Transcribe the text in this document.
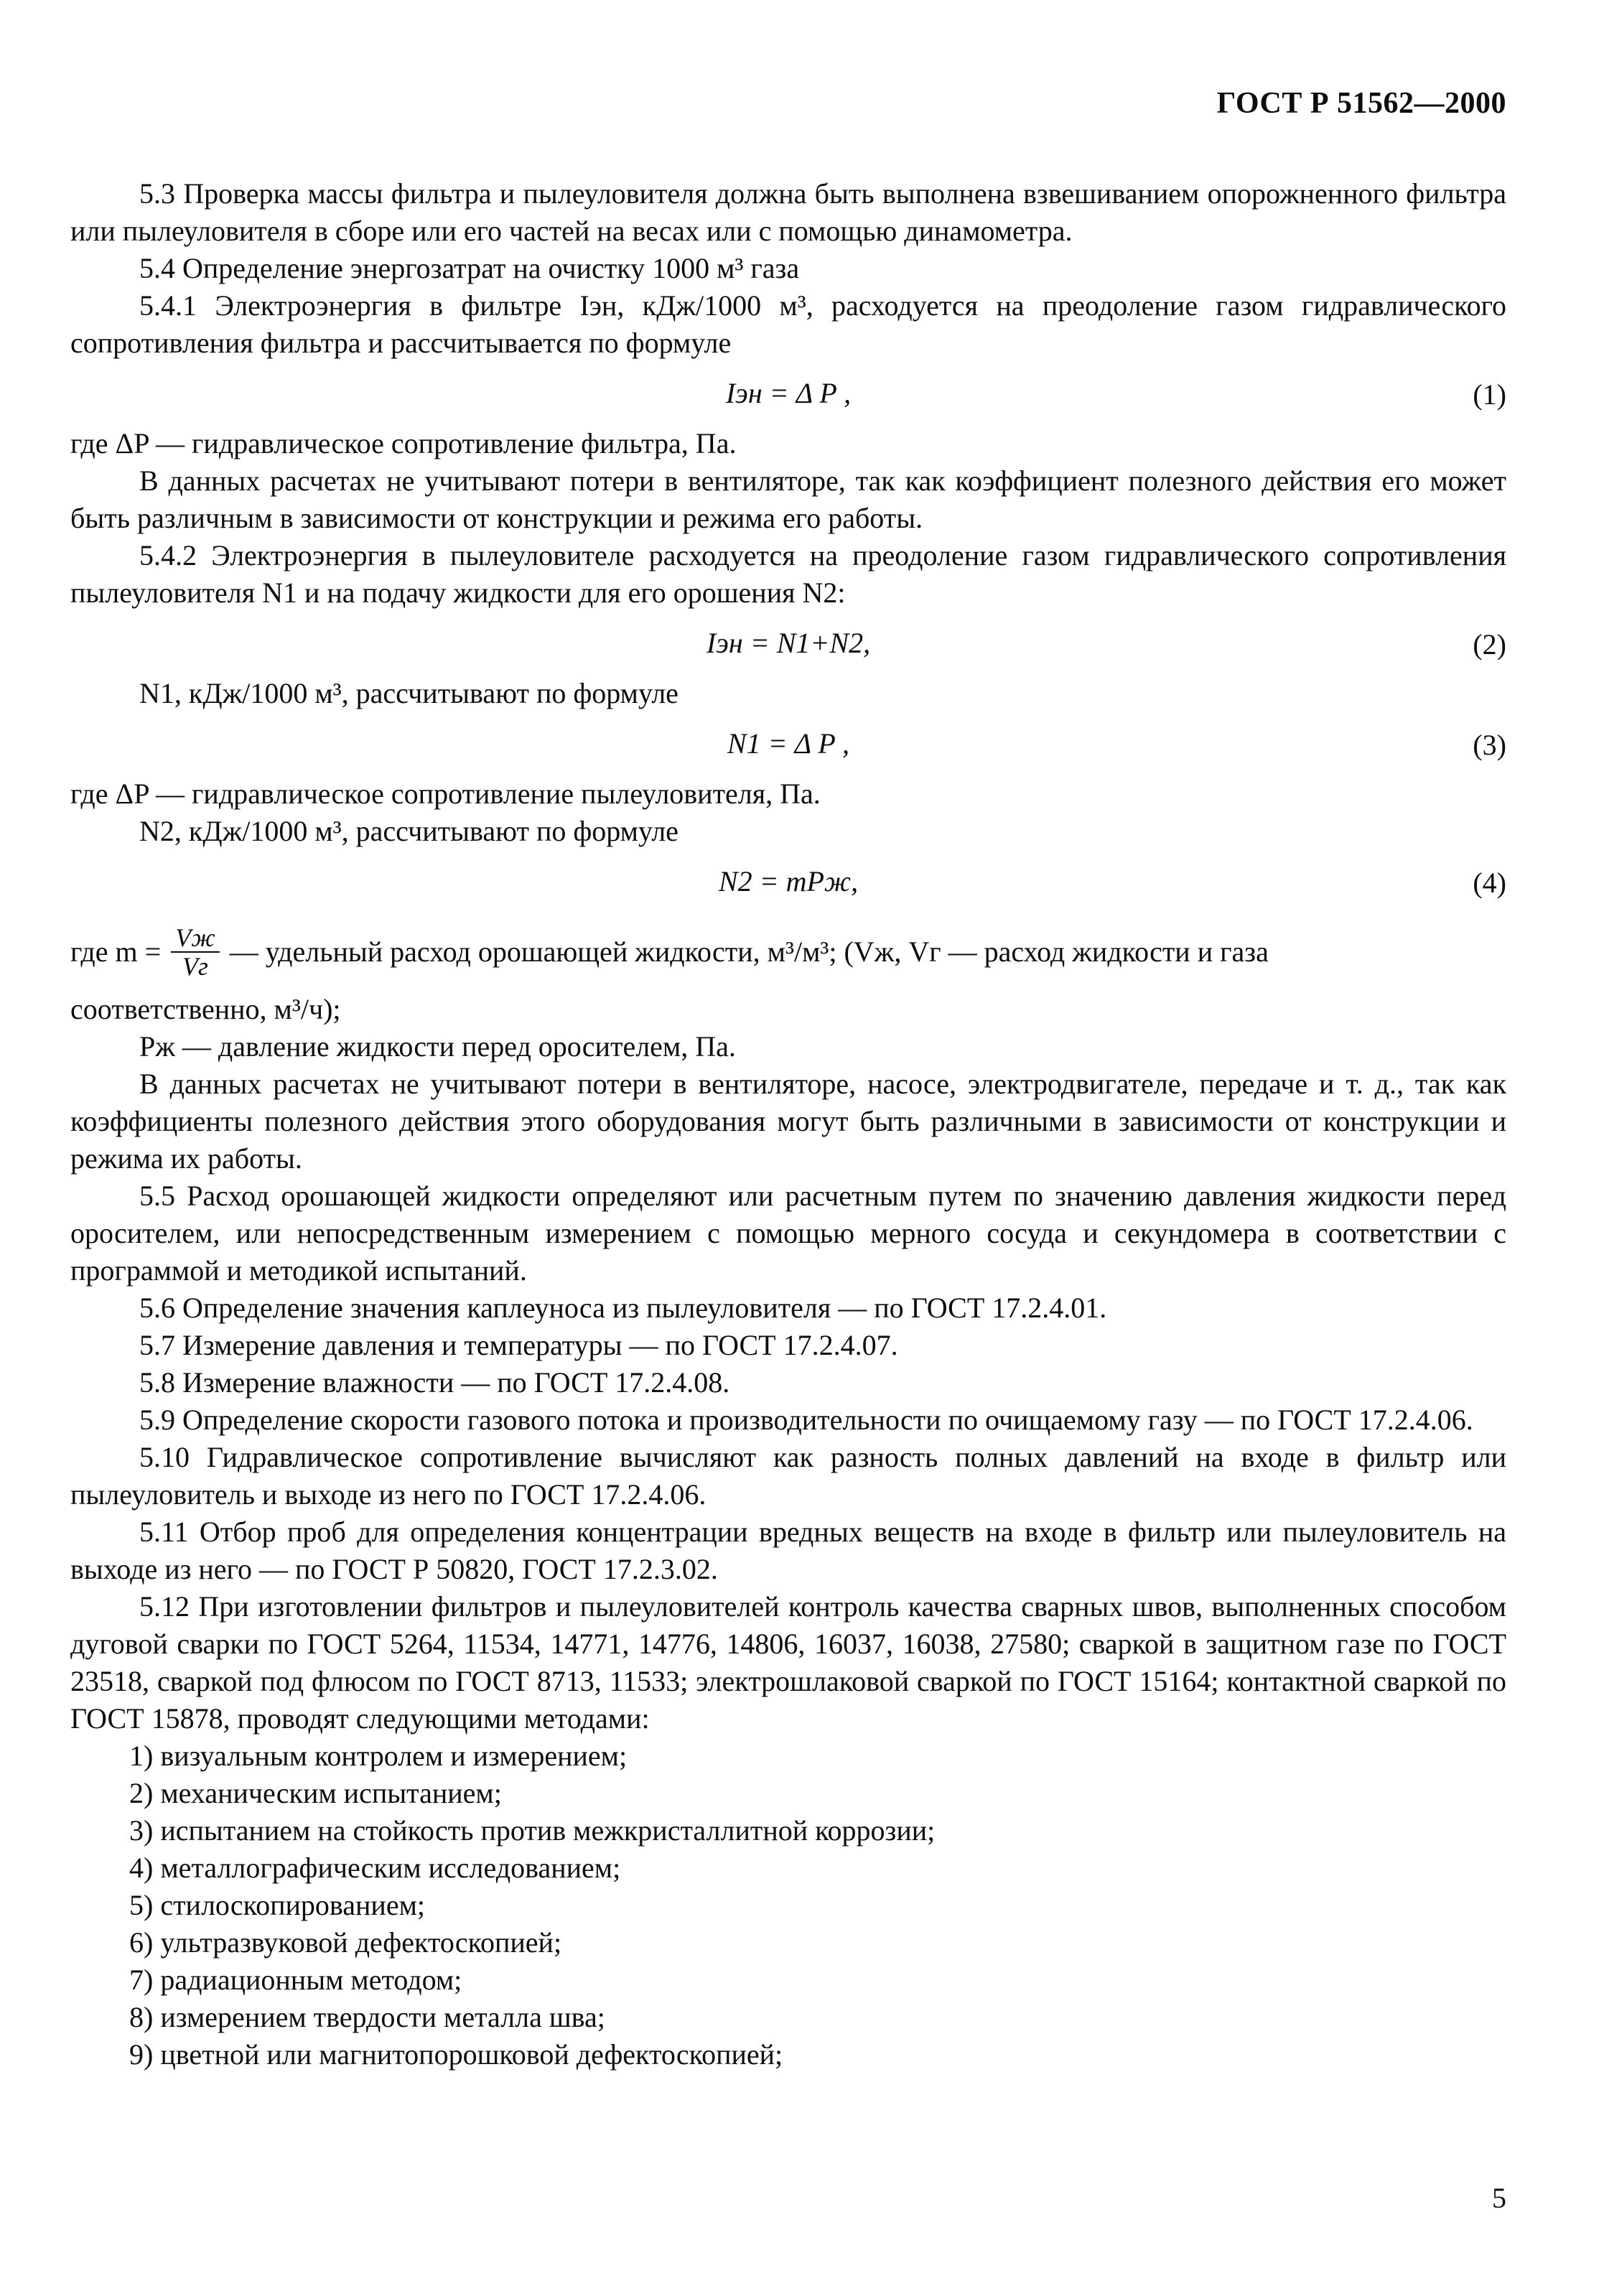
ГОСТ Р 51562—2000

5.3 Проверка массы фильтра и пылеуловителя должна быть выполнена взвешиванием опорожненного фильтра или пылеуловителя в сборе или его частей на весах или с помощью динамометра.

5.4 Определение энергозатрат на очистку 1000 м³ газа

5.4.1 Электроэнергия в фильтре Iэн, кДж/1000 м³, расходуется на преодоление газом гидравлического сопротивления фильтра и рассчитывается по формуле

Iэн = Δ P ,	(1)

где ΔP — гидравлическое сопротивление фильтра, Па.

В данных расчетах не учитывают потери в вентиляторе, так как коэффициент полезного действия его может быть различным в зависимости от конструкции и режима его работы.

5.4.2 Электроэнергия в пылеуловителе расходуется на преодоление газом гидравлического сопротивления пылеуловителя N1 и на подачу жидкости для его орошения N2:

Iэн = N1+N2,	(2)

N1, кДж/1000 м³, рассчитывают по формуле

N1 = Δ P ,	(3)

где ΔP — гидравлическое сопротивление пылеуловителя, Па.

N2, кДж/1000 м³, рассчитывают по формуле

N2 = mPж,	(4)
где $m = \frac{Vж}{Vг}$ — удельный расход орошающей жидкости, м³/м³; (Vж, Vг — расход жидкости и газа

соответственно, м³/ч);

Pж — давление жидкости перед оросителем, Па.

В данных расчетах не учитывают потери в вентиляторе, насосе, электродвигателе, передаче и т. д., так как коэффициенты полезного действия этого оборудования могут быть различными в зависимости от конструкции и режима их работы.

5.5 Расход орошающей жидкости определяют или расчетным путем по значению давления жидкости перед оросителем, или непосредственным измерением с помощью мерного сосуда и секундомера в соответствии с программой и методикой испытаний.

5.6 Определение значения каплеуноса из пылеуловителя — по ГОСТ 17.2.4.01.

5.7 Измерение давления и температуры — по ГОСТ 17.2.4.07.

5.8 Измерение влажности — по ГОСТ 17.2.4.08.

5.9 Определение скорости газового потока и производительности по очищаемому газу — по ГОСТ 17.2.4.06.

5.10 Гидравлическое сопротивление вычисляют как разность полных давлений на входе в фильтр или пылеуловитель и выходе из него по ГОСТ 17.2.4.06.

5.11 Отбор проб для определения концентрации вредных веществ на входе в фильтр или пылеуловитель на выходе из него — по ГОСТ Р 50820, ГОСТ 17.2.3.02.

5.12 При изготовлении фильтров и пылеуловителей контроль качества сварных швов, выполненных способом дуговой сварки по ГОСТ 5264, 11534, 14771, 14776, 14806, 16037, 16038, 27580; сваркой в защитном газе по ГОСТ 23518, сваркой под флюсом по ГОСТ 8713, 11533; электрошлаковой сваркой по ГОСТ 15164; контактной сваркой по ГОСТ 15878, проводят следующими методами:

1) визуальным контролем и измерением;
2) механическим испытанием;
3) испытанием на стойкость против межкристаллитной коррозии;
4) металлографическим исследованием;
5) стилоскопированием;
6) ультразвуковой дефектоскопией;
7) радиационным методом;
8) измерением твердости металла шва;
9) цветной или магнитопорошковой дефектоскопией;
5
